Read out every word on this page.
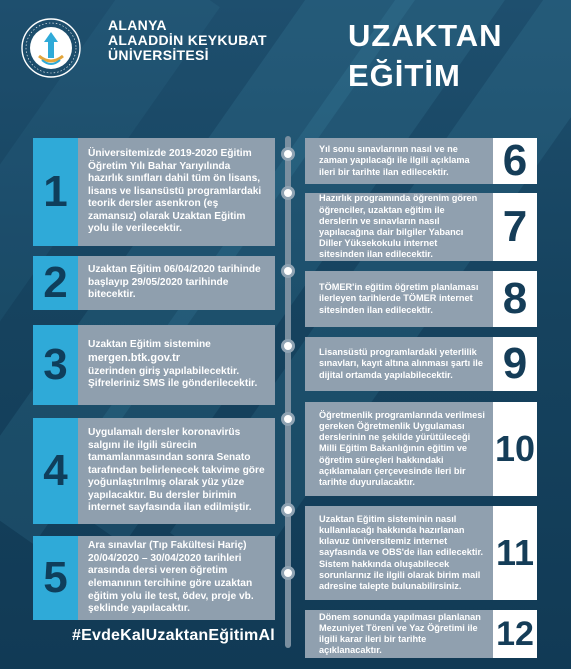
ALANYA
ALAADDİN KEYKUBAT
ÜNİVERSİTESİ
UZAKTAN
EĞİTİM
1
Üniversitemizde 2019-2020 Eğitim Öğretim Yılı Bahar Yarıyılında hazırlık sınıfları dahil tüm ön lisans, lisans ve lisansüstü programlardaki teorik dersler asenkron (eş zamansız) olarak Uzaktan Eğitim yolu ile verilecektir.
2	Uzaktan Eğitim 06/04/2020 tarihinde başlayıp 29/05/2020 tarihinde bitecektir.
3	Uzaktan Eğitim sistemine
mergen.btk.gov.tr
üzerinden giriş yapılabilecektir. Şifreleriniz SMS ile gönderilecektir.
4
Uygulamalı dersler koronavirüs salgını ile ilgili sürecin tamamlanmasından sonra Senato tarafından belirlenecek takvime göre yoğunlaştırılmış olarak yüz yüze yapılacaktır. Bu dersler birimin internet sayfasında ilan edilmiştir.
5
Ara sınavlar (Tıp Fakültesi Hariç) 20/04/2020 – 30/04/2020 tarihleri arasında dersi veren öğretim elemanının tercihine göre uzaktan eğitim yolu ile test, ödev, proje vb. şeklinde yapılacaktır.
Yıl sonu sınavlarının nasıl ve ne zaman yapılacağı ile ilgili açıklama ileri bir tarihte ilan edilecektir.	6
Hazırlık programında öğrenim gören öğrenciler, uzaktan eğitim ile derslerin ve sınavların nasıl yapılacağına dair bilgiler Yabancı Diller Yüksekokulu internet sitesinden ilan edilecektir.
7
TÖMER'in eğitim öğretim planlaması ilerleyen tarihlerde TÖMER internet sitesinden ilan edilecektir.	8
Lisansüstü programlardaki yeterlilik sınavları, kayıt altına alınması şartı ile dijital ortamda yapılabilecektir.	9
Öğretmenlik programlarında verilmesi gereken Öğretmenlik Uygulaması derslerinin ne şekilde yürütüleceği Milli Eğitim Bakanlığının eğitim ve öğretim süreçleri hakkındaki açıklamaları çerçevesinde ileri bir tarihte duyurulacaktır.
10
Uzaktan Eğitim sisteminin nasıl kullanılacağı hakkında hazırlanan kılavuz üniversitemiz internet sayfasında ve OBS'de ilan edilecektir. Sistem hakkında oluşabilecek sorunlarınız ile ilgili olarak birim mail adresine talepte bulunabilirsiniz.
11
Dönem sonunda yapılması planlanan Mezuniyet Töreni ve Yaz Öğretimi ile ilgili karar ileri bir tarihte açıklanacaktır.	12
#EvdeKalUzaktanEğitimAl
